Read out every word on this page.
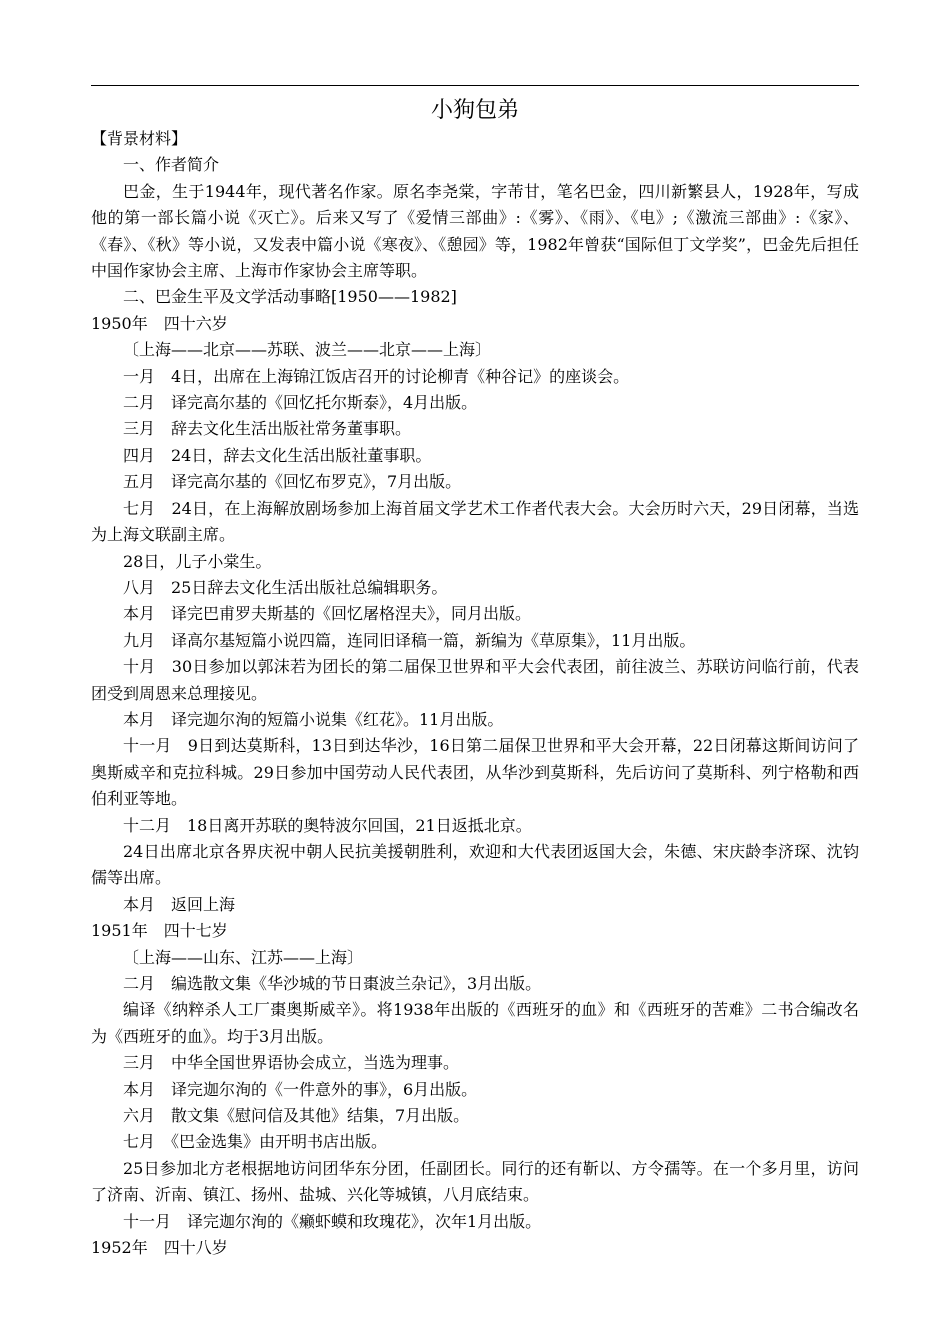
小狗包弟
【背景材料】
一、作者简介
巴金，生于1944年，现代著名作家。原名李尧棠，字芾甘，笔名巴金，四川新繁县人，1928年，写成他的第一部长篇小说《灭亡》。后来又写了《爱情三部曲》:《雾》、《雨》、《电》;《激流三部曲》:《家》、《春》、《秋》等小说，又发表中篇小说《寒夜》、《憩园》等，1982年曾获“国际但丁文学奖”，巴金先后担任中国作家协会主席、上海市作家协会主席等职。
二、巴金生平及文学活动事略[1950——1982]
1950年　四十六岁
〔上海——北京——苏联、波兰——北京——上海〕
一月　4日，出席在上海锦江饭店召开的讨论柳青《种谷记》的座谈会。
二月　译完高尔基的《回忆托尔斯泰》，4月出版。
三月　辞去文化生活出版社常务董事职。
四月　24日，辞去文化生活出版社董事职。
五月　译完高尔基的《回忆布罗克》，7月出版。
七月　24日，在上海解放剧场参加上海首届文学艺术工作者代表大会。大会历时六天，29日闭幕，当选为上海文联副主席。
28日，儿子小棠生。
八月　25日辞去文化生活出版社总编辑职务。
本月　译完巴甫罗夫斯基的《回忆屠格涅夫》，同月出版。
九月　译高尔基短篇小说四篇，连同旧译稿一篇，新编为《草原集》，11月出版。
十月　30日参加以郭沫若为团长的第二届保卫世界和平大会代表团，前往波兰、苏联访问临行前，代表团受到周恩来总理接见。
本月　译完迦尔洵的短篇小说集《红花》。11月出版。
十一月　9日到达莫斯科，13日到达华沙，16日第二届保卫世界和平大会开幕，22日闭幕这斯间访问了奥斯威辛和克拉科城。29日参加中国劳动人民代表团，从华沙到莫斯科，先后访问了莫斯科、列宁格勒和西伯利亚等地。
十二月　18日离开苏联的奥特波尔回国，21日返抵北京。
24日出席北京各界庆祝中朝人民抗美援朝胜利，欢迎和大代表团返国大会，朱德、宋庆龄李济琛、沈钧儒等出席。
本月　返回上海
1951年　四十七岁
〔上海——山东、江苏——上海〕
二月　编选散文集《华沙城的节日棗波兰杂记》，3月出版。
编译《纳粹杀人工厂棗奥斯威辛》。将1938年出版的《西班牙的血》和《西班牙的苦难》二书合编改名为《西班牙的血》。均于3月出版。
三月　中华全国世界语协会成立，当选为理事。
本月　译完迦尔洵的《一件意外的事》，6月出版。
六月　散文集《慰问信及其他》结集，7月出版。
七月　《巴金选集》由开明书店出版。
25日参加北方老根据地访问团华东分团，任副团长。同行的还有靳以、方令孺等。在一个多月里，访问了济南、沂南、镇江、扬州、盐城、兴化等城镇，八月底结束。
十一月　译完迦尔洵的《癞虾蟆和玫瑰花》，次年1月出版。
1952年　四十八岁
